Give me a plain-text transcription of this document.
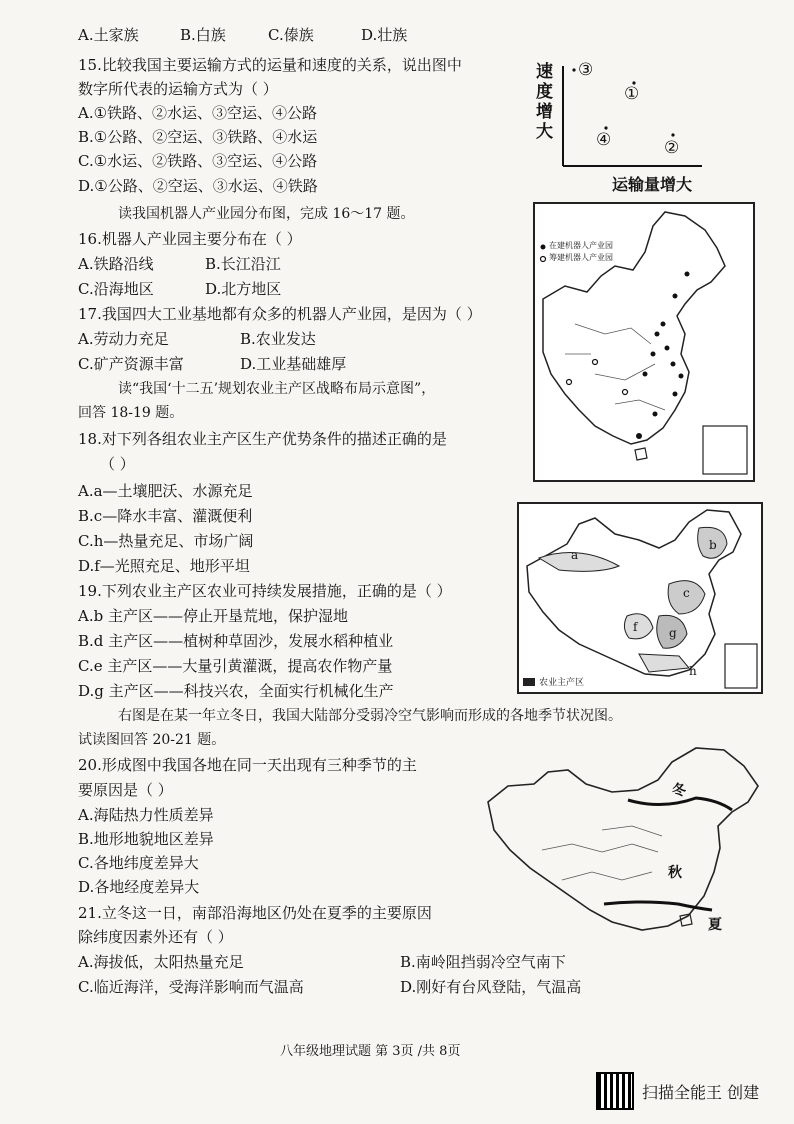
A.土家族	B.白族	C.傣族	D.壮族
15.比较我国主要运输方式的运量和速度的关系，说出图中
数字所代表的运输方式为（ ）
A.①铁路、②水运、③空运、④公路
B.①公路、②空运、③铁路、④水运
C.①水运、②铁路、③空运、④公路
D.①公路、②空运、③水运、④铁路
速度增大
③
①
④	②
运输量增大
读我国机器人产业园分布图，完成 16～17 题。
16.机器人产业园主要分布在（ ）
A.铁路沿线	B.长江沿江
C.沿海地区	D.北方地区
17.我国四大工业基地都有众多的机器人产业园，是因为（ ）
A.劳动力充足	B.农业发达
C.矿产资源丰富	D.工业基础雄厚
在建机器人产业园
筹建机器人产业园
读“我国‘十二五’规划农业主产区战略布局示意图”，
回答 18-19 题。
18.对下列各组农业主产区生产优势条件的描述正确的是
（ ）
A.a—土壤肥沃、水源充足
B.c—降水丰富、灌溉便利
C.h—热量充足、市场广阔
D.f—光照充足、地形平坦
a
b
c
f	g
h
农业主产区
19.下列农业主产区农业可持续发展措施，正确的是（ ）
A.b 主产区——停止开垦荒地，保护湿地
B.d 主产区——植树种草固沙，发展水稻种植业
C.e 主产区——大量引黄灌溉，提高农作物产量
D.g 主产区——科技兴农，全面实行机械化生产
右图是在某一年立冬日，我国大陆部分受弱冷空气影响而形成的各地季节状况图。
试读图回答 20-21 题。
20.形成图中我国各地在同一天出现有三种季节的主
要原因是（ ）
A.海陆热力性质差异
B.地形地貌地区差异
C.各地纬度差异大
D.各地经度差异大
冬
秋
夏
21.立冬这一日，南部沿海地区仍处在夏季的主要原因
除纬度因素外还有（ ）
A.海拔低，太阳热量充足	B.南岭阻挡弱冷空气南下
C.临近海洋，受海洋影响而气温高	D.刚好有台风登陆，气温高
八年级地理试题 第 3页 /共 8页
扫描全能王 创建
